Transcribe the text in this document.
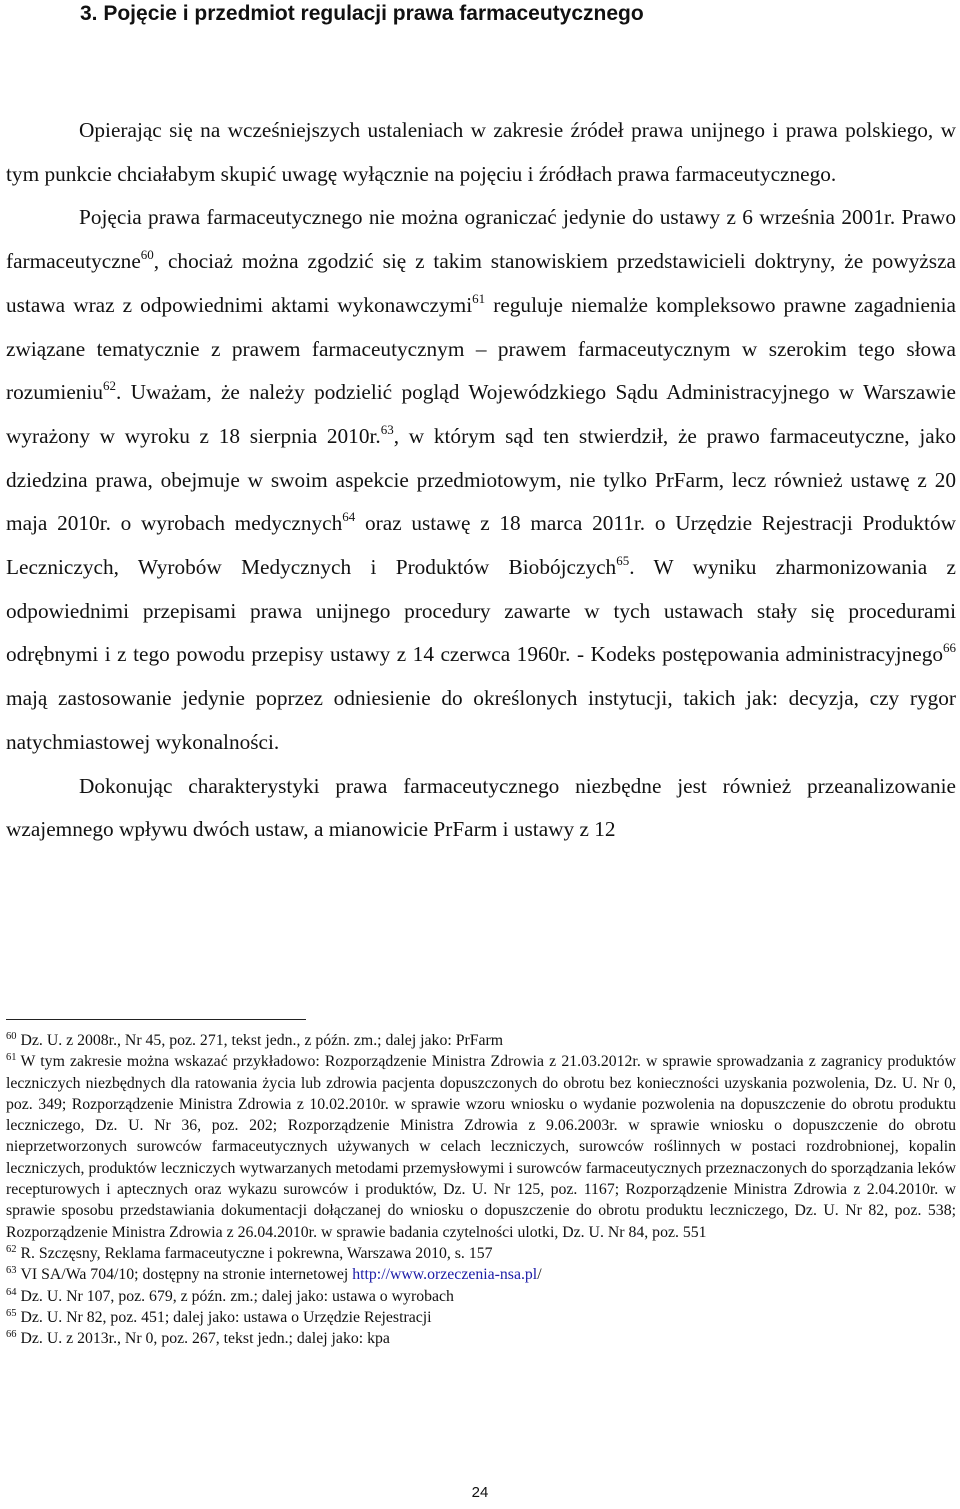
3. Pojęcie i przedmiot regulacji prawa farmaceutycznego

Opierając się na wcześniejszych ustaleniach w zakresie źródeł prawa unijnego i prawa polskiego, w tym punkcie chciałabym skupić uwagę wyłącznie na pojęciu i źródłach prawa farmaceutycznego.

Pojęcia prawa farmaceutycznego nie można ograniczać jedynie do ustawy z 6 września 2001r. Prawo farmaceutyczne$^{60}$, chociaż można zgodzić się z takim stanowiskiem przedstawicieli doktryny, że powyższa ustawa wraz z odpowiednimi aktami wykonawczymi$^{61}$ reguluje niemalże kompleksowo prawne zagadnienia związane tematycznie z prawem farmaceutycznym – prawem farmaceutycznym w szerokim tego słowa rozumieniu$^{62}$. Uważam, że należy podzielić pogląd Wojewódzkiego Sądu Administracyjnego w Warszawie wyrażony w wyroku z 18 sierpnia 2010r.$^{63}$, w którym sąd ten stwierdził, że prawo farmaceutyczne, jako dziedzina prawa, obejmuje w swoim aspekcie przedmiotowym, nie tylko PrFarm, lecz również ustawę z 20 maja 2010r. o wyrobach medycznych$^{64}$ oraz ustawę z 18 marca 2011r. o Urzędzie Rejestracji Produktów Leczniczych, Wyrobów Medycznych i Produktów Biobójczych$^{65}$. W wyniku zharmonizowania z odpowiednimi przepisami prawa unijnego procedury zawarte w tych ustawach stały się procedurami odrębnymi i z tego powodu przepisy ustawy z 14 czerwca 1960r. - Kodeks postępowania administracyjnego$^{66}$ mają zastosowanie jedynie poprzez odniesienie do określonych instytucji, takich jak: decyzja, czy rygor natychmiastowej wykonalności.

Dokonując charakterystyki prawa farmaceutycznego niezbędne jest również przeanalizowanie wzajemnego wpływu dwóch ustaw, a mianowicie PrFarm i ustawy z 12

$^{60}$ Dz. U. z 2008r., Nr 45, poz. 271, tekst jedn., z późn. zm.; dalej jako: PrFarm

$^{61}$ W tym zakresie można wskazać przykładowo: Rozporządzenie Ministra Zdrowia z 21.03.2012r. w sprawie sprowadzania z zagranicy produktów leczniczych niezbędnych dla ratowania życia lub zdrowia pacjenta dopuszczonych do obrotu bez konieczności uzyskania pozwolenia, Dz. U. Nr 0, poz. 349; Rozporządzenie Ministra Zdrowia z 10.02.2010r. w sprawie wzoru wniosku o wydanie pozwolenia na dopuszczenie do obrotu produktu leczniczego, Dz. U. Nr 36, poz. 202; Rozporządzenie Ministra Zdrowia z 9.06.2003r. w sprawie wniosku o dopuszczenie do obrotu nieprzetworzonych surowców farmaceutycznych używanych w celach leczniczych, surowców roślinnych w postaci rozdrobnionej, kopalin leczniczych, produktów leczniczych wytwarzanych metodami przemysłowymi i surowców farmaceutycznych przeznaczonych do sporządzania leków recepturowych i aptecznych oraz wykazu surowców i produktów, Dz. U. Nr 125, poz. 1167; Rozporządzenie Ministra Zdrowia z 2.04.2010r. w sprawie sposobu przedstawiania dokumentacji dołączanej do wniosku o dopuszczenie do obrotu produktu leczniczego, Dz. U. Nr 82, poz. 538; Rozporządzenie Ministra Zdrowia z 26.04.2010r. w sprawie badania czytelności ulotki, Dz. U. Nr 84, poz. 551

$^{62}$ R. Szczęsny, Reklama farmaceutyczne i pokrewna, Warszawa 2010, s. 157

$^{63}$ VI SA/Wa 704/10; dostępny na stronie internetowej http://www.orzeczenia-nsa.pl/

$^{64}$ Dz. U. Nr 107, poz. 679, z późn. zm.; dalej jako: ustawa o wyrobach

$^{65}$ Dz. U. Nr 82, poz. 451; dalej jako: ustawa o Urzędzie Rejestracji

$^{66}$ Dz. U. z 2013r., Nr 0, poz. 267, tekst jedn.; dalej jako: kpa

24
